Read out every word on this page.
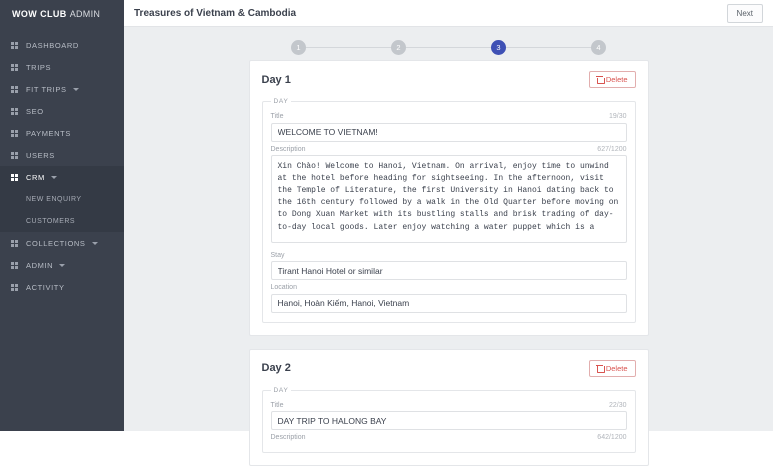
WOW CLUB ADMIN
DASHBOARD
TRIPS
FIT TRIPS
SEO
PAYMENTS
USERS
CRM
NEW ENQUIRY
CUSTOMERS
COLLECTIONS
ADMIN
ACTIVITY
Treasures of Vietnam & Cambodia	Next
1	2	3	4
Day 1	Delete
DAY
Title	19/30
WELCOME TO VIETNAM!
Description	627/1200
Xin Chào! Welcome to Hanoi, Vietnam. On arrival, enjoy time to unwind at the hotel before heading for sightseeing. In the afternoon, visit the Temple of Literature, the first University in Hanoi dating back to the 16th century followed by a walk in the Old Quarter before moving on to Dong Xuan Market with its bustling stalls and brisk trading of day-to-day local goods. Later enjoy watching a water puppet which is a
Stay
Tirant Hanoi Hotel or similar
Location
Hanoi, Hoàn Kiếm, Hanoi, Vietnam
Day 2	Delete
DAY
Title	22/30
DAY TRIP TO HALONG BAY
Description	642/1200
